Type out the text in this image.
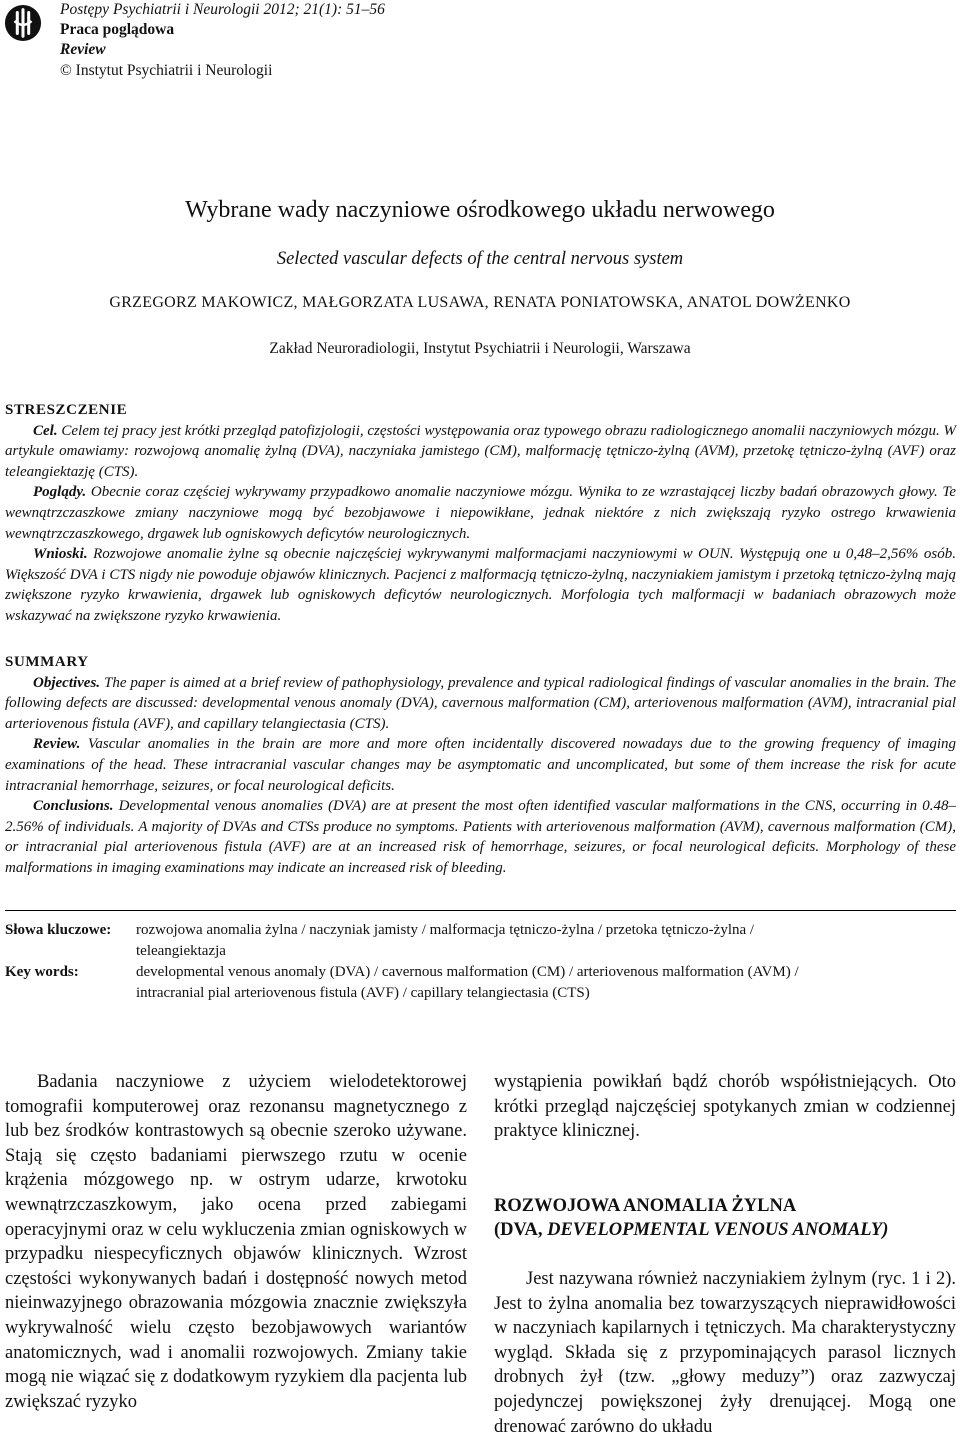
Postępy Psychiatrii i Neurologii 2012; 21(1): 51–56
Praca poglądowa
Review
© Instytut Psychiatrii i Neurologii
Wybrane wady naczyniowe ośrodkowego układu nerwowego
Selected vascular defects of the central nervous system
GRZEGORZ MAKOWICZ, MAŁGORZATA LUSAWA, RENATA PONIATOWSKA, ANATOL DOWŻENKO
Zakład Neuroradiologii, Instytut Psychiatrii i Neurologii, Warszawa
STRESZCZENIE

Cel. Celem tej pracy jest krótki przegląd patofizjologii, częstości występowania oraz typowego obrazu radiologicznego anomalii naczyniowych mózgu. W artykule omawiamy: rozwojową anomalię żylną (DVA), naczyniaka jamistego (CM), malformację tętniczo-żylną (AVM), przetokę tętniczo-żylną (AVF) oraz teleangiektazję (CTS).

Poglądy. Obecnie coraz częściej wykrywamy przypadkowo anomalie naczyniowe mózgu. Wynika to ze wzrastającej liczby badań obrazowych głowy. Te wewnątrzczaszkowe zmiany naczyniowe mogą być bezobjawowe i niepowikłane, jednak niektóre z nich zwiększają ryzyko ostrego krwawienia wewnątrzczaszkowego, drgawek lub ogniskowych deficytów neurologicznych.

Wnioski. Rozwojowe anomalie żylne są obecnie najczęściej wykrywanymi malformacjami naczyniowymi w OUN. Występują one u 0,48–2,56% osób. Większość DVA i CTS nigdy nie powoduje objawów klinicznych. Pacjenci z malformacją tętniczo-żylną, naczyniakiem jamistym i przetoką tętniczo-żylną mają zwiększone ryzyko krwawienia, drgawek lub ogniskowych deficytów neurologicznych. Morfologia tych malformacji w badaniach obrazowych może wskazywać na zwiększone ryzyko krwawienia.

SUMMARY

Objectives. The paper is aimed at a brief review of pathophysiology, prevalence and typical radiological findings of vascular anomalies in the brain. The following defects are discussed: developmental venous anomaly (DVA), cavernous malformation (CM), arteriovenous malformation (AVM), intracranial pial arteriovenous fistula (AVF), and capillary telangiectasia (CTS).

Review. Vascular anomalies in the brain are more and more often incidentally discovered nowadays due to the growing frequency of imaging examinations of the head. These intracranial vascular changes may be asymptomatic and uncomplicated, but some of them increase the risk for acute intracranial hemorrhage, seizures, or focal neurological deficits.

Conclusions. Developmental venous anomalies (DVA) are at present the most often identified vascular malformations in the CNS, occurring in 0.48–2.56% of individuals. A majority of DVAs and CTSs produce no symptoms. Patients with arteriovenous malformation (AVM), cavernous malformation (CM), or intracranial pial arteriovenous fistula (AVF) are at an increased risk of hemorrhage, seizures, or focal neurological deficits. Morphology of these malformations in imaging examinations may indicate an increased risk of bleeding.

Słowa kluczowe:	rozwojowa anomalia żylna / naczyniak jamisty / malformacja tętniczo-żylna / przetoka tętniczo-żylna /
teleangiektazja
Key words:	developmental venous anomaly (DVA) / cavernous malformation (CM) / arteriovenous malformation (AVM) /
intracranial pial arteriovenous fistula (AVF) / capillary telangiectasia (CTS)

Badania naczyniowe z użyciem wielodetektorowej tomografii komputerowej oraz rezonansu magnetycznego z lub bez środków kontrastowych są obecnie szeroko używane. Stają się często badaniami pierwszego rzutu w ocenie krążenia mózgowego np. w ostrym udarze, krwotoku wewnątrzczaszkowym, jako ocena przed zabiegami operacyjnymi oraz w celu wykluczenia zmian ogniskowych w przypadku niespecyficznych objawów klinicznych. Wzrost częstości wykonywanych badań i dostępność nowych metod nieinwazyjnego obrazowania mózgowia znacznie zwiększyła wykrywalność wielu często bezobjawowych wariantów anatomicznych, wad i anomalii rozwojowych. Zmiany takie mogą nie wiązać się z dodatkowym ryzykiem dla pacjenta lub zwiększać ryzyko

wystąpienia powikłań bądź chorób współistniejących. Oto krótki przegląd najczęściej spotykanych zmian w codziennej praktyce klinicznej.

ROZWOJOWA ANOMALIA ŻYLNA
(DVA, DEVELOPMENTAL VENOUS ANOMALY)

Jest nazywana również naczyniakiem żylnym (ryc. 1 i 2). Jest to żylna anomalia bez towarzyszących nieprawidłowości w naczyniach kapilarnych i tętniczych. Ma charakterystyczny wygląd. Składa się z przypominających parasol licznych drobnych żył (tzw. „głowy meduzy”) oraz zazwyczaj pojedynczej powiększonej żyły drenującej. Mogą one drenować zarówno do układu
